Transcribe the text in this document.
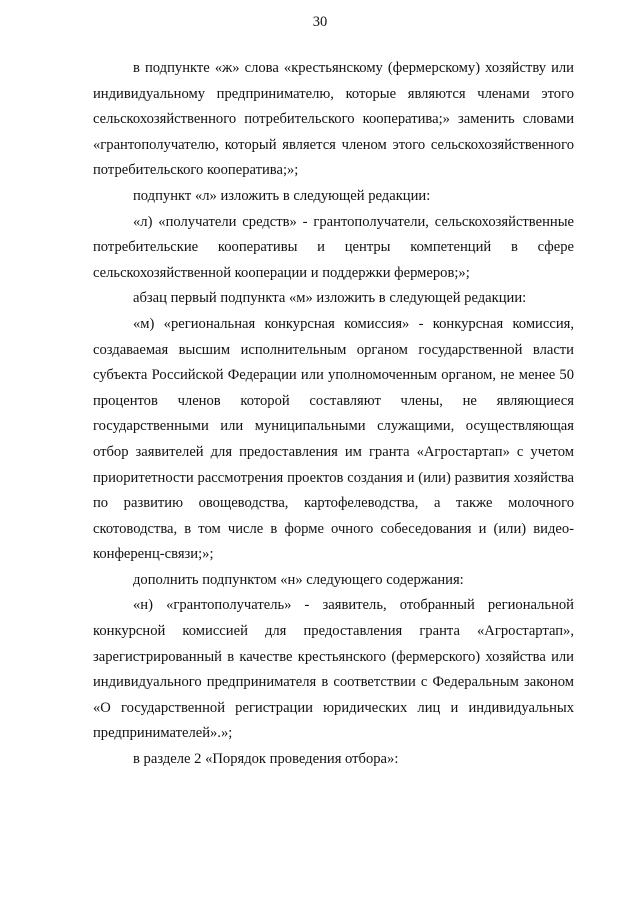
30

в подпункте «ж» слова «крестьянскому (фермерскому) хозяйству или индивидуальному предпринимателю, которые являются членами этого сельскохозяйственного потребительского кооператива;» заменить словами «грантополучателю, который является членом этого сельскохозяйственного потребительского кооператива;»;

подпункт «л» изложить в следующей редакции:

«л) «получатели средств» - грантополучатели, сельскохозяйственные потребительские кооперативы и центры компетенций в сфере сельскохозяйственной кооперации и поддержки фермеров;»;

абзац первый подпункта «м» изложить в следующей редакции:

«м) «региональная конкурсная комиссия» - конкурсная комиссия, создаваемая высшим исполнительным органом государственной власти субъекта Российской Федерации или уполномоченным органом, не менее 50 процентов членов которой составляют члены, не являющиеся государственными или муниципальными служащими, осуществляющая отбор заявителей для предоставления им гранта «Агростартап» с учетом приоритетности рассмотрения проектов создания и (или) развития хозяйства по развитию овощеводства, картофелеводства, а также молочного скотоводства, в том числе в форме очного собеседования и (или) видео-конференц-связи;»;

дополнить подпунктом «н» следующего содержания:

«н) «грантополучатель» - заявитель, отобранный региональной конкурсной комиссией для предоставления гранта «Агростартап», зарегистрированный в качестве крестьянского (фермерского) хозяйства или индивидуального предпринимателя в соответствии с Федеральным законом «О государственной регистрации юридических лиц и индивидуальных предпринимателей».»;

в разделе 2 «Порядок проведения отбора»:
